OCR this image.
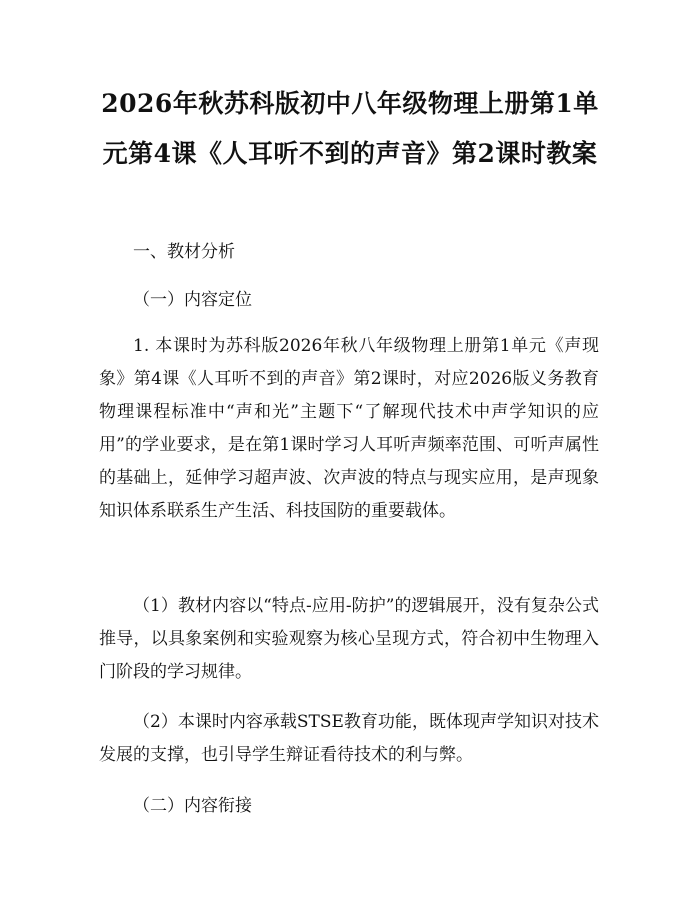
2026年秋苏科版初中八年级物理上册第1单元第4课《人耳听不到的声音》第2课时教案

一、教材分析

（一）内容定位

1. 本课时为苏科版2026年秋八年级物理上册第1单元《声现象》第4课《人耳听不到的声音》第2课时，对应2026版义务教育物理课程标准中“声和光”主题下“了解现代技术中声学知识的应用”的学业要求，是在第1课时学习人耳听声频率范围、可听声属性的基础上，延伸学习超声波、次声波的特点与现实应用，是声现象知识体系联系生产生活、科技国防的重要载体。

（1）教材内容以“特点-应用-防护”的逻辑展开，没有复杂公式推导，以具象案例和实验观察为核心呈现方式，符合初中生物理入门阶段的学习规律。

（2）本课时内容承载STSE教育功能，既体现声学知识对技术发展的支撑，也引导学生辩证看待技术的利与弊。

（二）内容衔接
